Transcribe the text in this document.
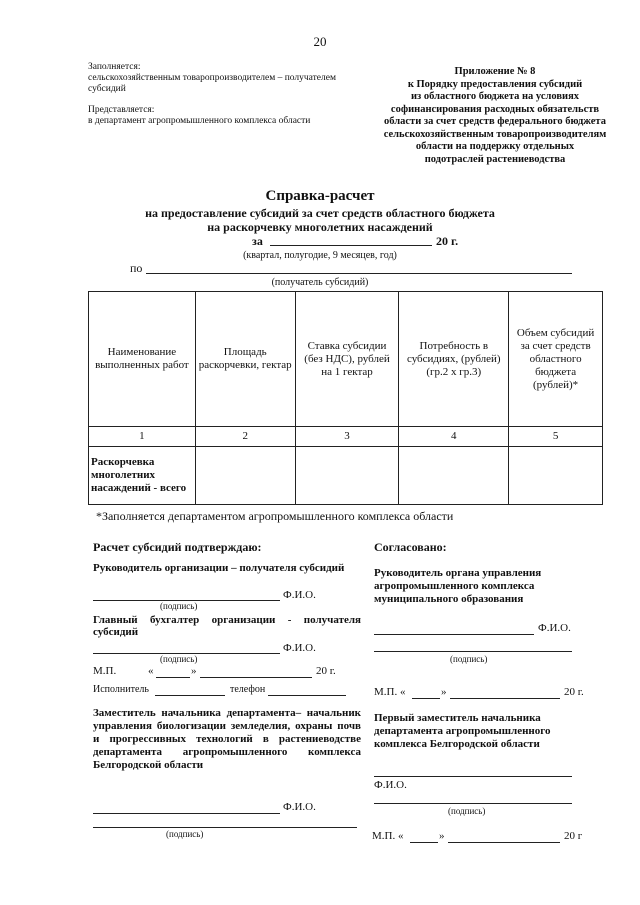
20
Заполняется:
сельскохозяйственным товаропроизводителем – получателем субсидий
Представляется:
в департамент агропромышленного комплекса области
Приложение № 8
к Порядку предоставления субсидий
из областного бюджета на условиях
софинансирования расходных обязательств
области за счет средств федерального бюджета
сельскохозяйственным товаропроизводителям
области на поддержку отдельных
подотраслей растениеводства
Справка-расчет
на предоставление субсидий за счет средств областного бюджета
на раскорчевку многолетних насаждений
за	20 г.
(квартал, полугодие, 9 месяцев, год)
по
(получатель субсидий)
Наименование выполненных работ	Площадь раскорчевки, гектар	Ставка субсидии (без НДС), рублей на 1 гектар	Потребность в субсидиях, (рублей) (гр.2 х гр.3)	Объем субсидий за счет средств областного бюджета (рублей)*
1	2	3	4	5
Раскорчевка многолетних насаждений - всего				
*Заполняется департаментом агропромышленного комплекса области
Расчет субсидий подтверждаю:
Руководитель организации – получателя субсидий
Ф.И.О.
(подпись)
Главный бухгалтер организации - получателя субсидий
Ф.И.О.
(подпись)
М.П.	«	»	20 г.
Исполнитель	телефон
Заместитель начальника департамента– начальник управления биологизации земледелия, охраны почв и прогрессивных технологий в растениеводстве департамента агропромышленного комплекса Белгородской области
Ф.И.О.
(подпись)
Согласовано:
Руководитель органа управления агропромышленного комплекса муниципального образования
Ф.И.О.
(подпись)
М.П. «	»	20 г.
Первый заместитель начальника департамента агропромышленного комплекса Белгородской области
Ф.И.О.
(подпись)
М.П. «	»	20 г
